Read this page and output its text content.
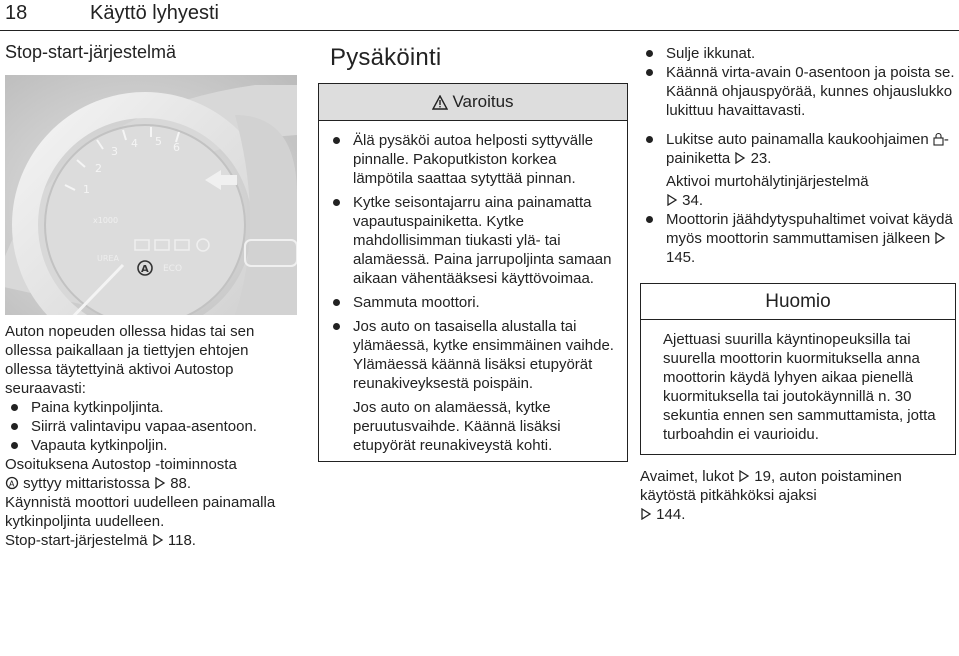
18	Käyttö lyhyesti
Stop-start-järjestelmä
1
2
3
4 5 6
x1000
UREA
ECO
A

Auton nopeuden ollessa hidas tai sen ollessa paikallaan ja tiettyjen ehtojen ollessa täytettyinä aktivoi Autostop seuraavasti:

Paina kytkinpoljinta.
Siirrä valintavipu vapaa-asentoon.
Vapauta kytkinpoljin.

Osoituksena Autostop -toiminnosta

A syttyy mittaristossa 88.

Käynnistä moottori uudelleen painamalla kytkinpoljinta uudelleen.

Stop-start-järjestelmä 118.

Pysäköinti
Varoitus
Älä pysäköi autoa helposti syttyvälle pinnalle. Pakoputkiston korkea lämpötila saattaa sytyttää pinnan.
Kytke seisontajarru aina painamatta vapautuspainiketta. Kytke mahdollisimman tiukasti ylä- tai alamäessä. Paina jarrupoljinta samaan aikaan vähentääksesi käyttövoimaa.
Sammuta moottori.
Jos auto on tasaisella alustalla tai ylämäessä, kytke ensimmäinen vaihde. Ylämäessä käännä lisäksi etupyörät reunakiveyksestä poispäin.
Jos auto on alamäessä, kytke peruutusvaihde. Käännä lisäksi etupyörät reunakiveystä kohti.
Sulje ikkunat.
Käännä virta-avain 0-asentoon ja poista se. Käännä ohjauspyörää, kunnes ohjauslukko lukittuu havaittavasti.
Lukitse auto painamalla kaukoohjaimen -painiketta 23.
Aktivoi murtohälytinjärjestelmä
34.
Moottorin jäähdytyspuhaltimet voivat käydä myös moottorin sammuttamisen jälkeen  145.
Huomio
Ajettuasi suurilla käyntinopeuksilla tai suurella moottorin kuormituksella anna moottorin käydä lyhyen aikaa pienellä kuormituksella tai joutokäynnillä n. 30 sekuntia ennen sen sammuttamista, jotta turboahdin ei vaurioidu.
Avaimet, lukot 19, auton poistaminen käytöstä pitkähköksi ajaksi
144.
